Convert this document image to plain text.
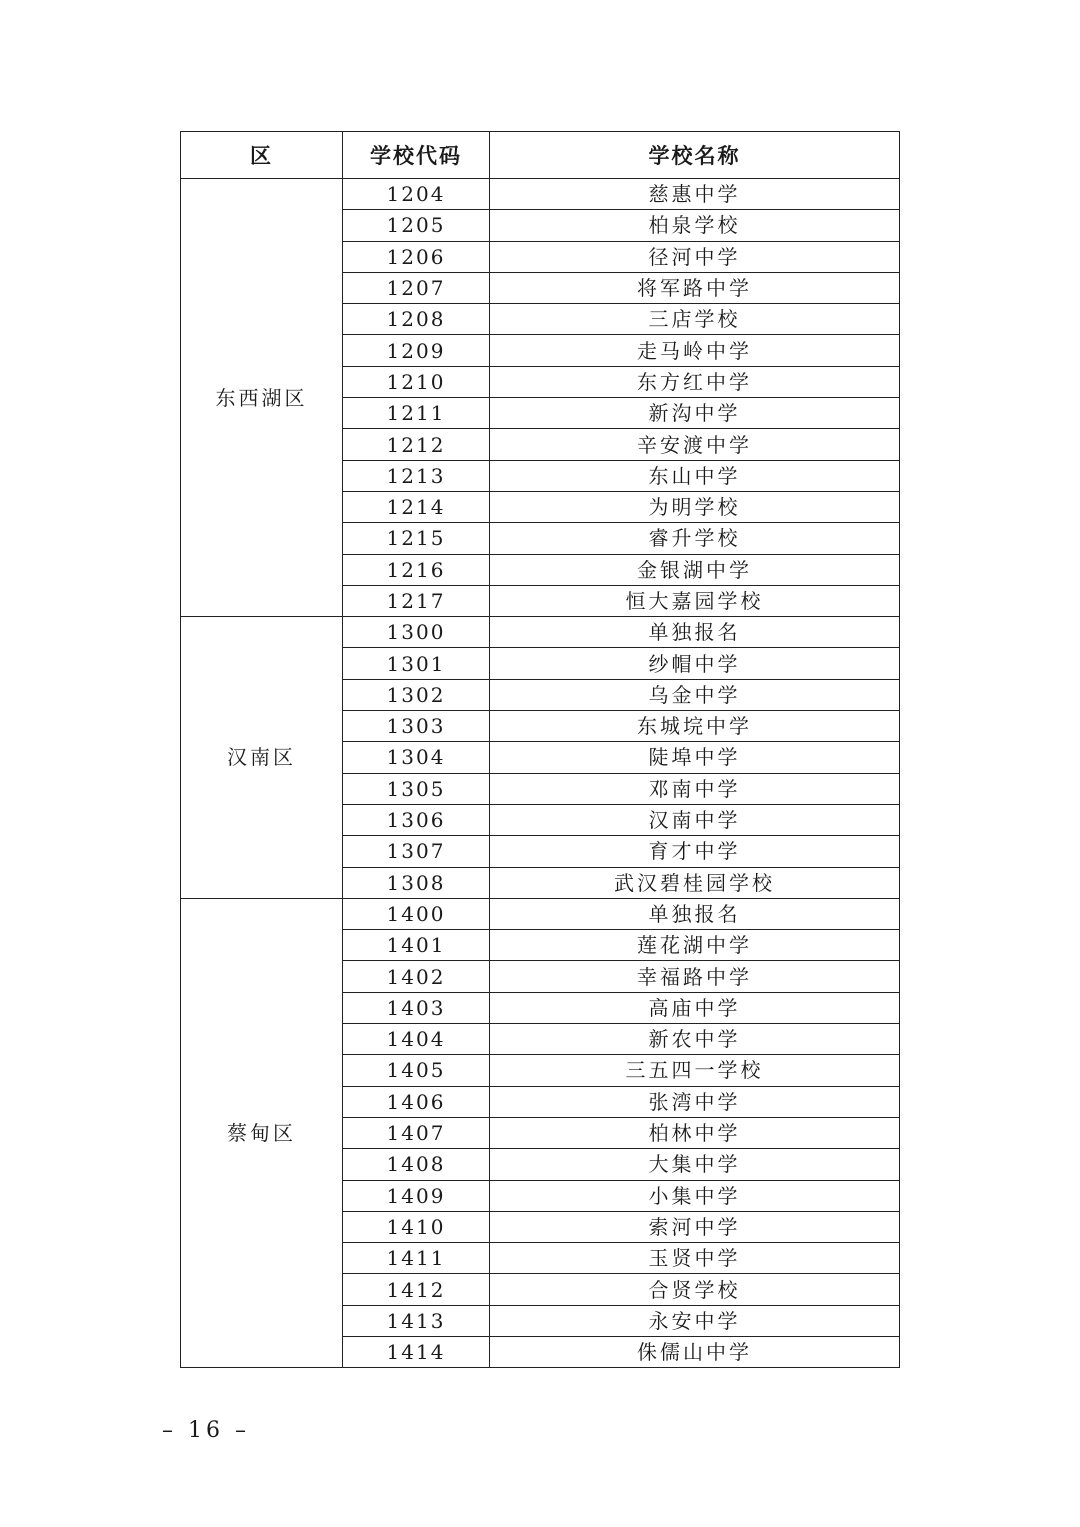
区	学校代码	学校名称
东西湖区	1204	慈惠中学
	1205	柏泉学校
	1206	径河中学
	1207	将军路中学
	1208	三店学校
	1209	走马岭中学
	1210	东方红中学
	1211	新沟中学
	1212	辛安渡中学
	1213	东山中学
	1214	为明学校
	1215	睿升学校
	1216	金银湖中学
	1217	恒大嘉园学校
汉南区	1300	单独报名
	1301	纱帽中学
	1302	乌金中学
	1303	东城垸中学
	1304	陡埠中学
	1305	邓南中学
	1306	汉南中学
	1307	育才中学
	1308	武汉碧桂园学校
蔡甸区	1400	单独报名
	1401	莲花湖中学
	1402	幸福路中学
	1403	高庙中学
	1404	新农中学
	1405	三五四一学校
	1406	张湾中学
	1407	柏林中学
	1408	大集中学
	1409	小集中学
	1410	索河中学
	1411	玉贤中学
	1412	合贤学校
	1413	永安中学
	1414	侏儒山中学
– 16 –
